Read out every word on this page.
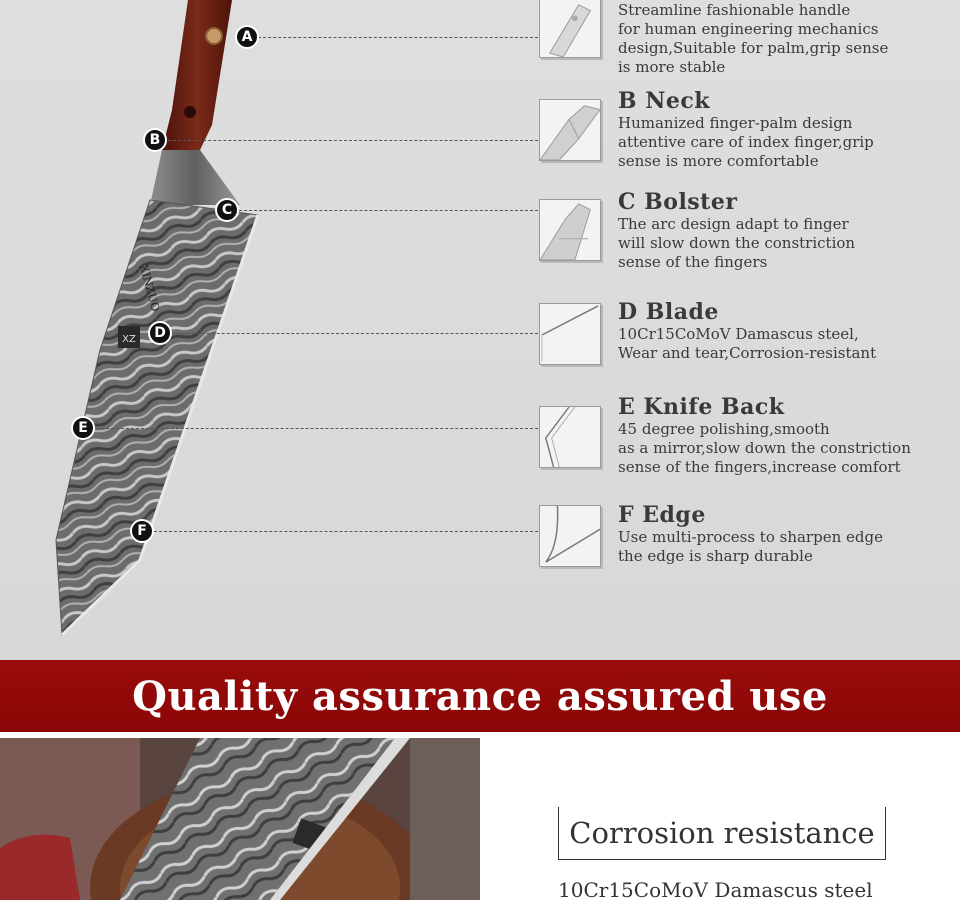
XZ
XINZUO
A
B
C
D
E
F
Streamline fashionable handle
for human engineering mechanics
design,Suitable for palm,grip sense
is more stable
B Neck
Humanized finger-palm design
attentive care of index finger,grip
sense is more comfortable
C Bolster
The arc design adapt to finger
will slow down the constriction
sense of the fingers
D Blade
10Cr15CoMoV Damascus steel,
Wear and tear,Corrosion-resistant
E Knife Back
45 degree polishing,smooth
as a mirror,slow down the constriction
sense of the fingers,increase comfort
F Edge
Use multi-process to sharpen edge
the edge is sharp durable
Quality assurance assured use
Corrosion resistance
10Cr15CoMoV Damascus steel
